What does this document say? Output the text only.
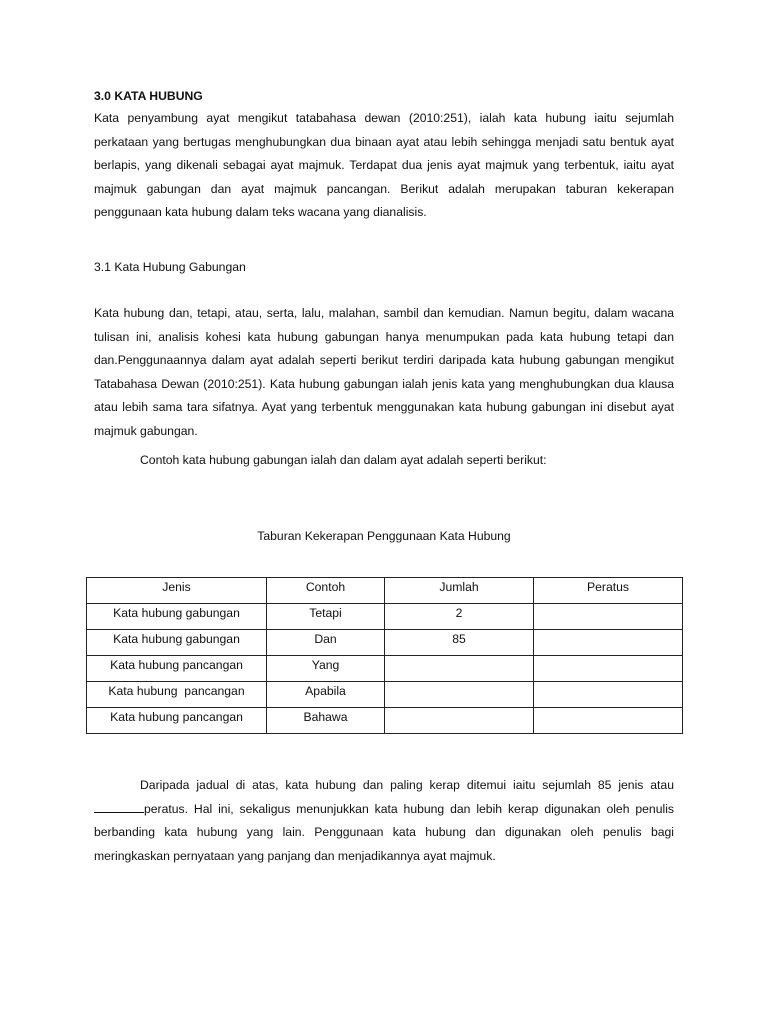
3.0 KATA HUBUNG
Kata penyambung ayat mengikut tatabahasa dewan (2010:251), ialah kata hubung iaitu sejumlah perkataan yang bertugas menghubungkan dua binaan ayat atau lebih sehingga menjadi satu bentuk ayat berlapis, yang dikenali sebagai ayat majmuk. Terdapat dua jenis ayat majmuk yang terbentuk, iaitu ayat majmuk gabungan dan ayat majmuk pancangan. Berikut adalah merupakan taburan kekerapan penggunaan kata hubung dalam teks wacana yang dianalisis.
3.1 Kata Hubung Gabungan
Kata hubung dan, tetapi, atau, serta, lalu, malahan, sambil dan kemudian. Namun begitu, dalam wacana tulisan ini, analisis kohesi kata hubung gabungan hanya menumpukan pada kata hubung tetapi dan dan.Penggunaannya dalam ayat adalah seperti berikut terdiri daripada kata hubung gabungan mengikut Tatabahasa Dewan (2010:251). Kata hubung gabungan ialah jenis kata yang menghubungkan dua klausa atau lebih sama tara sifatnya. Ayat yang terbentuk menggunakan kata hubung gabungan ini disebut ayat majmuk gabungan.
Contoh kata hubung gabungan ialah dan dalam ayat adalah seperti berikut:
Taburan Kekerapan Penggunaan Kata Hubung
Jenis	Contoh	Jumlah	Peratus
Kata hubung gabungan	Tetapi	2	
Kata hubung gabungan	Dan	85	
Kata hubung pancangan	Yang		
Kata hubung  pancangan	Apabila		
Kata hubung pancangan	Bahawa		
Daripada jadual di atas, kata hubung dan paling kerap ditemui iaitu sejumlah 85 jenis atau peratus. Hal ini, sekaligus menunjukkan kata hubung dan lebih kerap digunakan oleh penulis berbanding kata hubung yang lain. Penggunaan kata hubung dan digunakan oleh penulis bagi meringkaskan pernyataan yang panjang dan menjadikannya ayat majmuk.
